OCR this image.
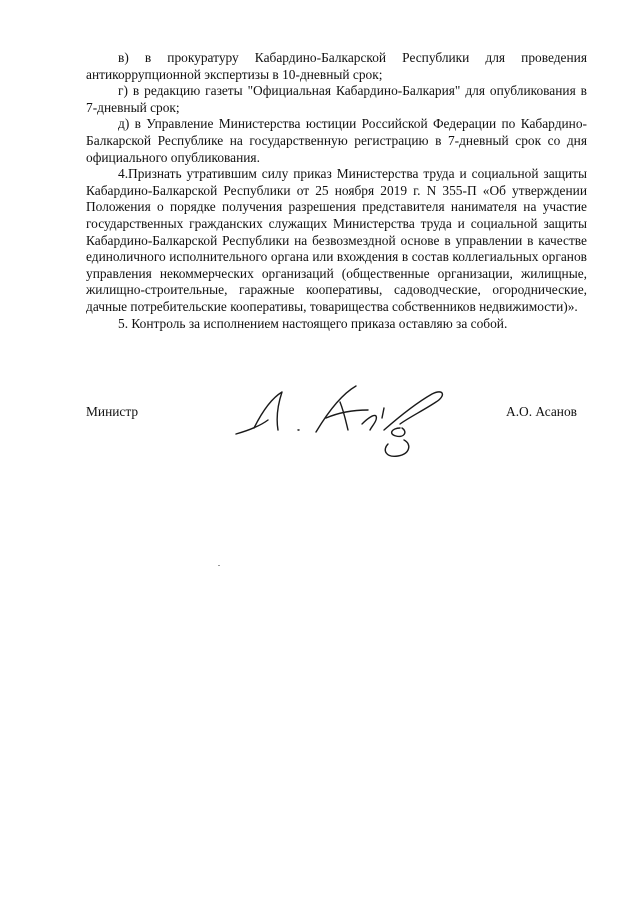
в) в прокуратуру Кабардино-Балкарской Республики для проведения антикоррупционной экспертизы в 10-дневный срок;

г) в редакцию газеты "Официальная Кабардино-Балкария" для опубликования в 7-дневный срок;

д) в Управление Министерства юстиции Российской Федерации по Кабардино-Балкарской Республике на государственную регистрацию в 7-дневный срок со дня официального опубликования.

4.Признать утратившим силу приказ Министерства труда и социальной защиты Кабардино-Балкарской Республики от 25 ноября 2019 г. N 355-П «Об утверждении Положения о порядке получения разрешения представителя нанимателя на участие государственных гражданских служащих Министерства труда и социальной защиты Кабардино-Балкарской Республики на безвозмездной основе в управлении в качестве единоличного исполнительного органа или вхождения в состав коллегиальных органов управления некоммерческих организаций (общественные организации, жилищные, жилищно-строительные, гаражные кооперативы, садоводческие, огороднические, дачные потребительские кооперативы, товарищества собственников недвижимости)».

5. Контроль за исполнением настоящего приказа оставляю за собой.

Министр	А.О. Асанов
